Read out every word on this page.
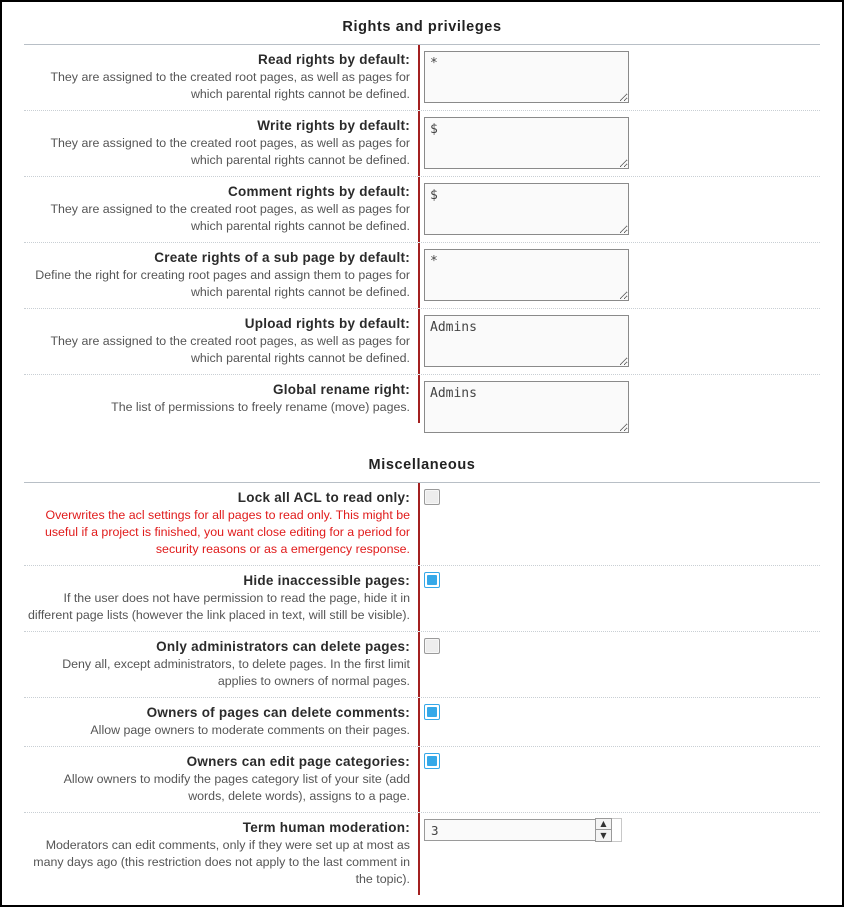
Rights and privileges
Read rights by default:
They are assigned to the created root pages, as well as pages for which parental rights cannot be defined.
*
Write rights by default:
They are assigned to the created root pages, as well as pages for which parental rights cannot be defined.
$
Comment rights by default:
They are assigned to the created root pages, as well as pages for which parental rights cannot be defined.
$
Create rights of a sub page by default:
Define the right for creating root pages and assign them to pages for which parental rights cannot be defined.
*
Upload rights by default:
They are assigned to the created root pages, as well as pages for which parental rights cannot be defined.
Admins
Global rename right:
The list of permissions to freely rename (move) pages.
Admins
Miscellaneous
Lock all ACL to read only:
Overwrites the acl settings for all pages to read only. This might be useful if a project is finished, you want close editing for a period for security reasons or as a emergency response.
Hide inaccessible pages:
If the user does not have permission to read the page, hide it in different page lists (however the link placed in text, will still be visible).
Only administrators can delete pages:
Deny all, except administrators, to delete pages. In the first limit applies to owners of normal pages.
Owners of pages can delete comments:
Allow page owners to moderate comments on their pages.
Owners can edit page categories:
Allow owners to modify the pages category list of your site (add words, delete words), assigns to a page.
Term human moderation:
Moderators can edit comments, only if they were set up at most as many days ago (this restriction does not apply to the last comment in the topic).
3
▲
▼
